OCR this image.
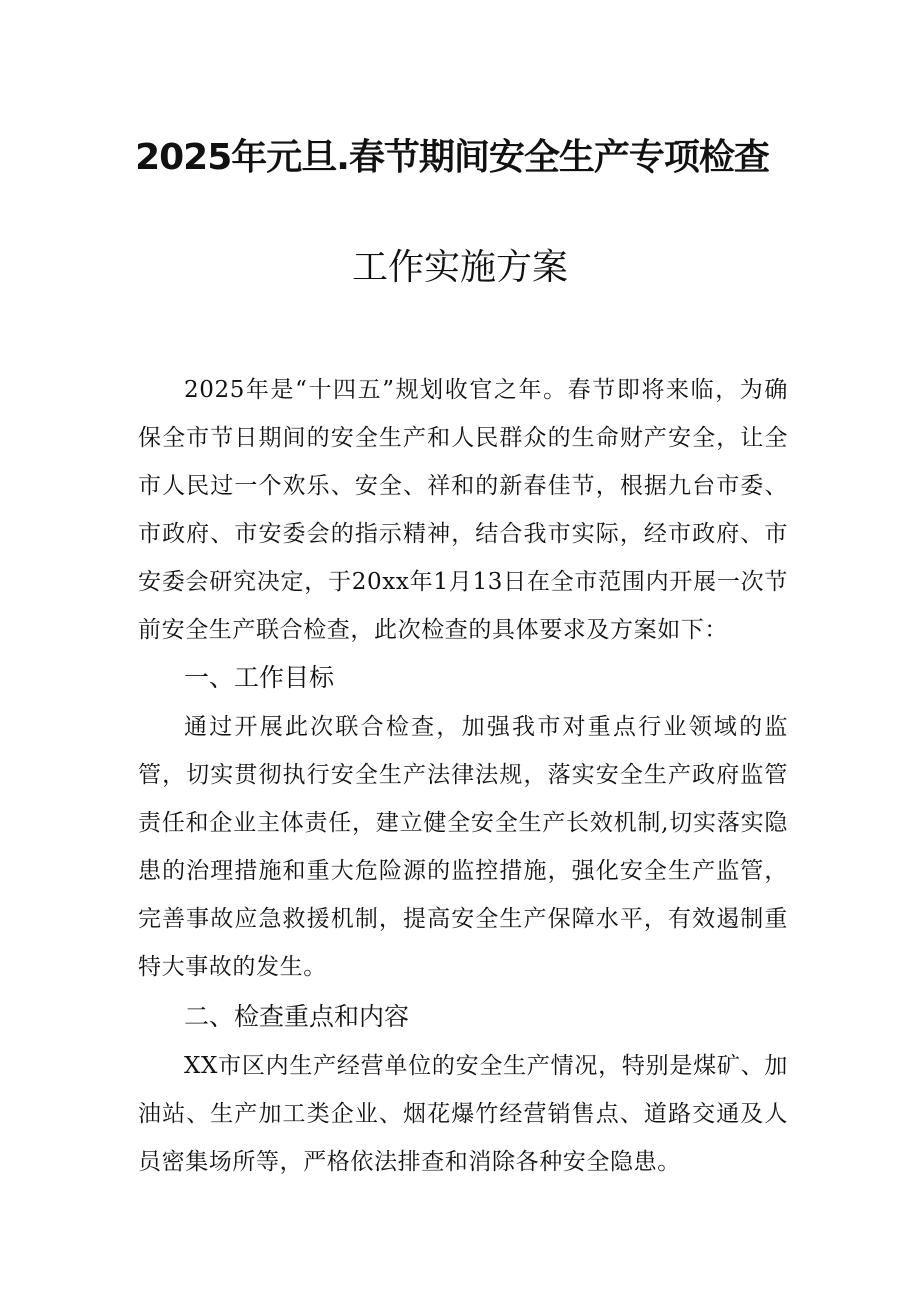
2025年元旦.春节期间安全生产专项检查
工作实施方案
2025年是“十四五”规划收官之年。春节即将来临，为确保全市节日期间的安全生产和人民群众的生命财产安全，让全市人民过一个欢乐、安全、祥和的新春佳节，根据九台市委、市政府、市安委会的指示精神，结合我市实际，经市政府、市安委会研究决定，于20xx年1月13日在全市范围内开展一次节前安全生产联合检查，此次检查的具体要求及方案如下：
一、工作目标
通过开展此次联合检查，加强我市对重点行业领域的监管，切实贯彻执行安全生产法律法规，落实安全生产政府监管责任和企业主体责任，建立健全安全生产长效机制,切实落实隐患的治理措施和重大危险源的监控措施，强化安全生产监管，完善事故应急救援机制，提高安全生产保障水平，有效遏制重特大事故的发生。
二、检查重点和内容
XX市区内生产经营单位的安全生产情况，特别是煤矿、加油站、生产加工类企业、烟花爆竹经营销售点、道路交通及人员密集场所等，严格依法排查和消除各种安全隐患。
